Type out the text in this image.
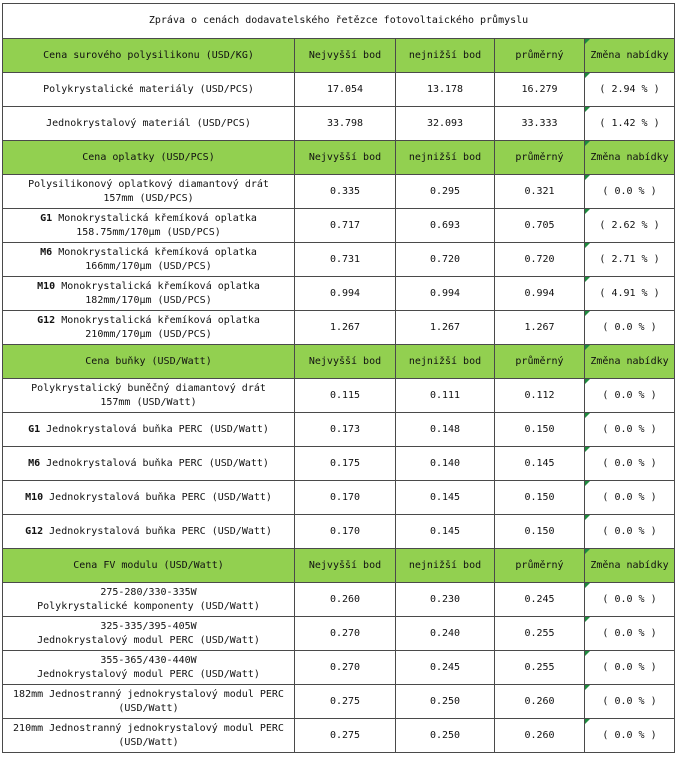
Zpráva o cenách dodavatelského řetězce fotovoltaického průmyslu				
Cena surového polysilikonu (USD/KG)	Nejvyšší bod	nejnižší bod	průměrný	Změna nabídky
Polykrystalické materiály (USD/PCS)	17.054	13.178	16.279	( 2.94 % )
Jednokrystalový materiál (USD/PCS)	33.798	32.093	33.333	( 1.42 % )
Cena oplatky (USD/PCS)	Nejvyšší bod	nejnižší bod	průměrný	Změna nabídky

Polysilikonový oplatkový diamantový drát
157mm (USD/PCS)	0.335	0.295	0.321	( 0.0 % )

G1 Monokrystalická křemíková oplatka
158.75mm/170μm (USD/PCS)	0.717	0.693	0.705	( 2.62 % )

M6 Monokrystalická křemíková oplatka
166mm/170μm (USD/PCS)	0.731	0.720	0.720	( 2.71 % )

M10 Monokrystalická křemíková oplatka
182mm/170μm (USD/PCS)	0.994	0.994	0.994	( 4.91 % )

G12 Monokrystalická křemíková oplatka
210mm/170μm (USD/PCS)	1.267	1.267	1.267	( 0.0 % )
Cena buňky (USD/Watt)	Nejvyšší bod	nejnižší bod	průměrný	Změna nabídky

Polykrystalický buněčný diamantový drát
157mm (USD/Watt)	0.115	0.111	0.112	( 0.0 % )
G1 Jednokrystalová buňka PERC (USD/Watt)	0.173	0.148	0.150	( 0.0 % )
M6 Jednokrystalová buňka PERC (USD/Watt)	0.175	0.140	0.145	( 0.0 % )
M10 Jednokrystalová buňka PERC (USD/Watt)	0.170	0.145	0.150	( 0.0 % )
G12 Jednokrystalová buňka PERC (USD/Watt)	0.170	0.145	0.150	( 0.0 % )
Cena FV modulu (USD/Watt)	Nejvyšší bod	nejnižší bod	průměrný	Změna nabídky

275-280/330-335W
Polykrystalické komponenty (USD/Watt)	0.260	0.230	0.245	( 0.0 % )

325-335/395-405W
Jednokrystalový modul PERC (USD/Watt)	0.270	0.240	0.255	( 0.0 % )

355-365/430-440W
Jednokrystalový modul PERC (USD/Watt)	0.270	0.245	0.255	( 0.0 % )

182mm Jednostranný jednokrystalový modul PERC
(USD/Watt)	0.275	0.250	0.260	( 0.0 % )

210mm Jednostranný jednokrystalový modul PERC
(USD/Watt)	0.275	0.250	0.260	( 0.0 % )
